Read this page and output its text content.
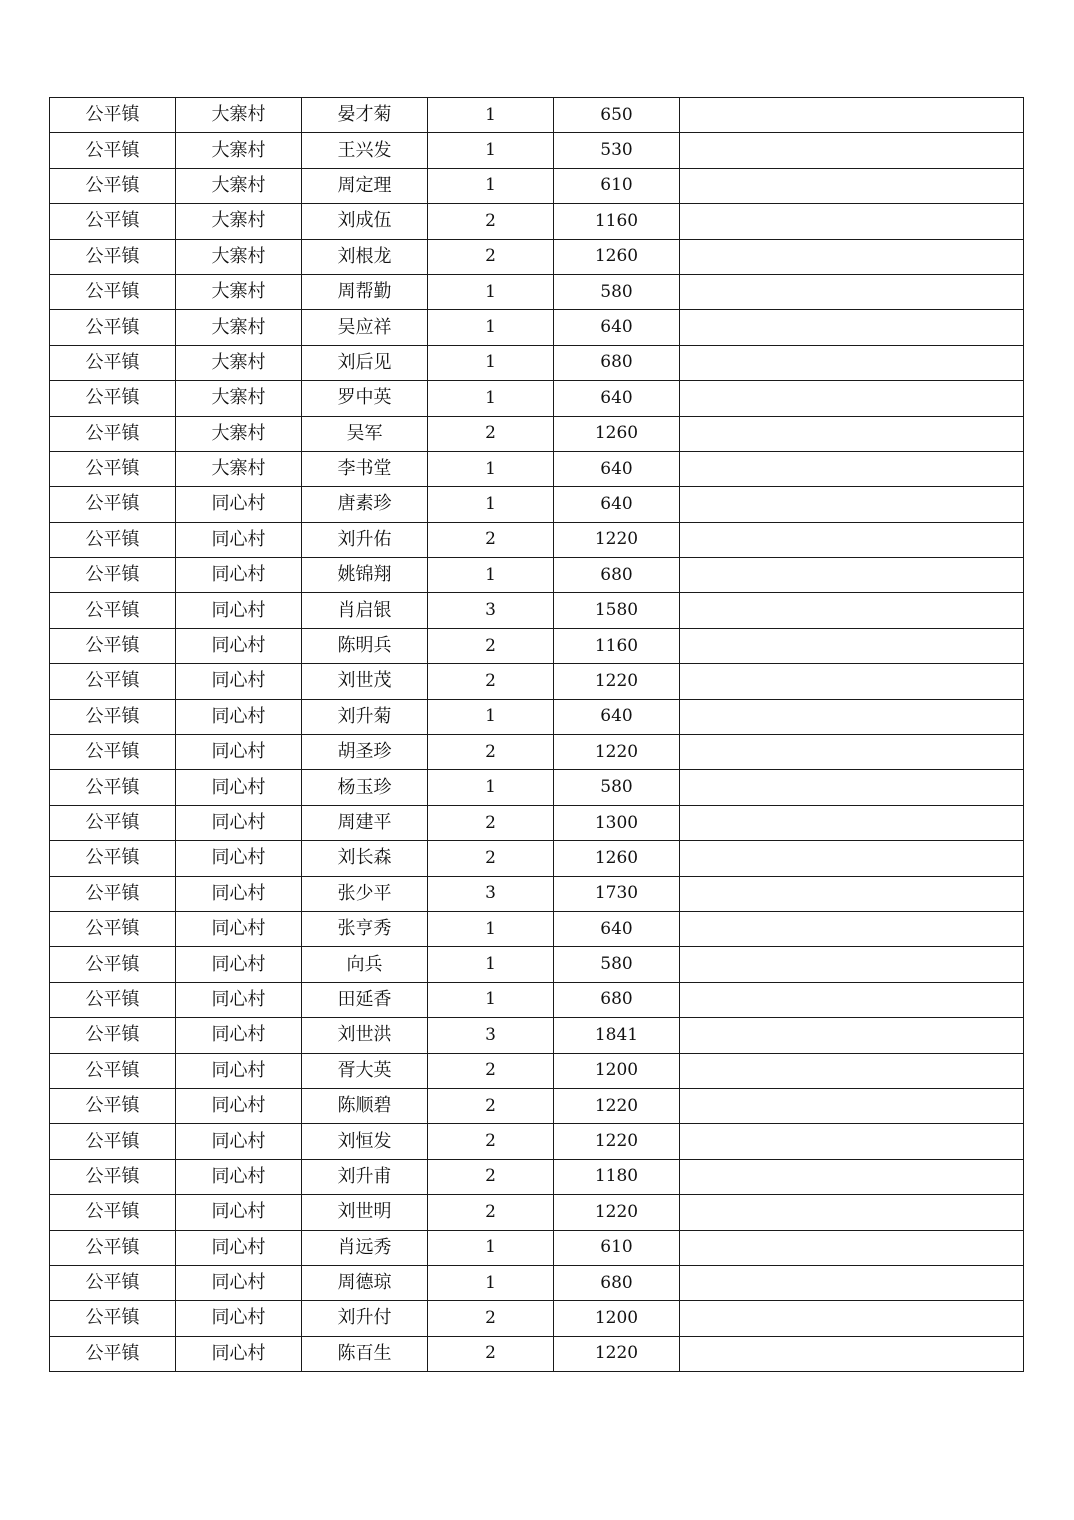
公平镇	大寨村	晏才菊	1	650	
公平镇	大寨村	王兴发	1	530	
公平镇	大寨村	周定理	1	610	
公平镇	大寨村	刘成伍	2	1160	
公平镇	大寨村	刘根龙	2	1260	
公平镇	大寨村	周帮勤	1	580	
公平镇	大寨村	吴应祥	1	640	
公平镇	大寨村	刘后见	1	680	
公平镇	大寨村	罗中英	1	640	
公平镇	大寨村	吴军	2	1260	
公平镇	大寨村	李书堂	1	640	
公平镇	同心村	唐素珍	1	640	
公平镇	同心村	刘升佑	2	1220	
公平镇	同心村	姚锦翔	1	680	
公平镇	同心村	肖启银	3	1580	
公平镇	同心村	陈明兵	2	1160	
公平镇	同心村	刘世茂	2	1220	
公平镇	同心村	刘升菊	1	640	
公平镇	同心村	胡圣珍	2	1220	
公平镇	同心村	杨玉珍	1	580	
公平镇	同心村	周建平	2	1300	
公平镇	同心村	刘长森	2	1260	
公平镇	同心村	张少平	3	1730	
公平镇	同心村	张亨秀	1	640	
公平镇	同心村	向兵	1	580	
公平镇	同心村	田延香	1	680	
公平镇	同心村	刘世洪	3	1841	
公平镇	同心村	胥大英	2	1200	
公平镇	同心村	陈顺碧	2	1220	
公平镇	同心村	刘恒发	2	1220	
公平镇	同心村	刘升甫	2	1180	
公平镇	同心村	刘世明	2	1220	
公平镇	同心村	肖远秀	1	610	
公平镇	同心村	周德琼	1	680	
公平镇	同心村	刘升付	2	1200	
公平镇	同心村	陈百生	2	1220	
